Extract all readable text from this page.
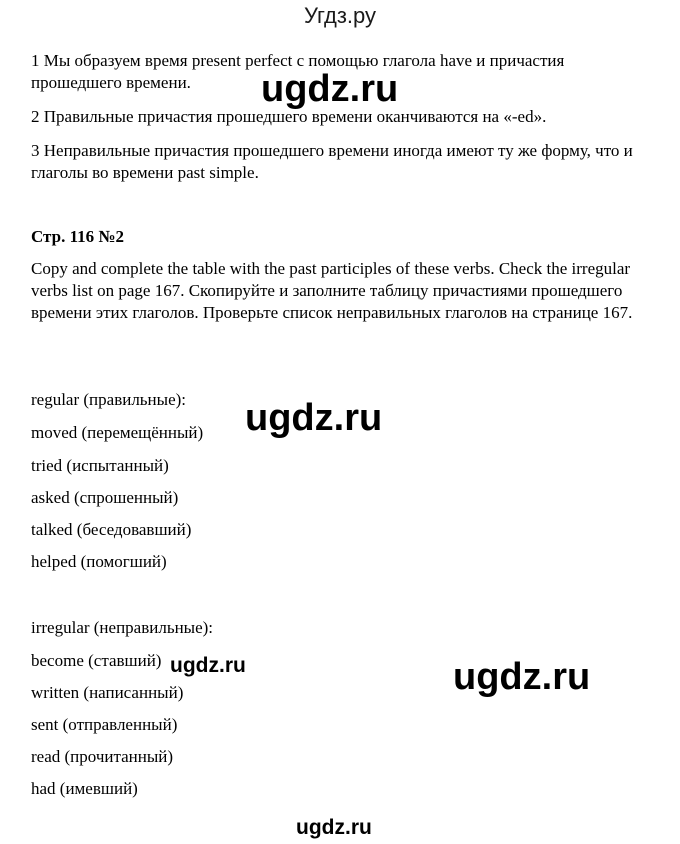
Угдз.ру

1 Мы образуем время present perfect с помощью глагола have и причастия прошедшего времени.

2 Правильные причастия прошедшего времени оканчиваются на «-ed».

3 Неправильные причастия прошедшего времени иногда имеют ту же форму, что и глаголы во времени past simple.

Стр. 116 №2

Copy and complete the table with the past participles of these verbs. Check the irregular verbs list on page 167. Скопируйте и заполните таблицу причастиями прошедшего времени этих глаголов. Проверьте список неправильных глаголов на странице 167.

regular (правильные):
moved (перемещённый)
tried (испытанный)
asked (спрошенный)
talked (беседовавший)
helped (помогший)
irregular (неправильные):
become (ставший)
written (написанный)
sent (отправленный)
read (прочитанный)
had (имевший)
ugdz.ru
ugdz.ru
ugdz.ru	ugdz.ru
ugdz.ru
